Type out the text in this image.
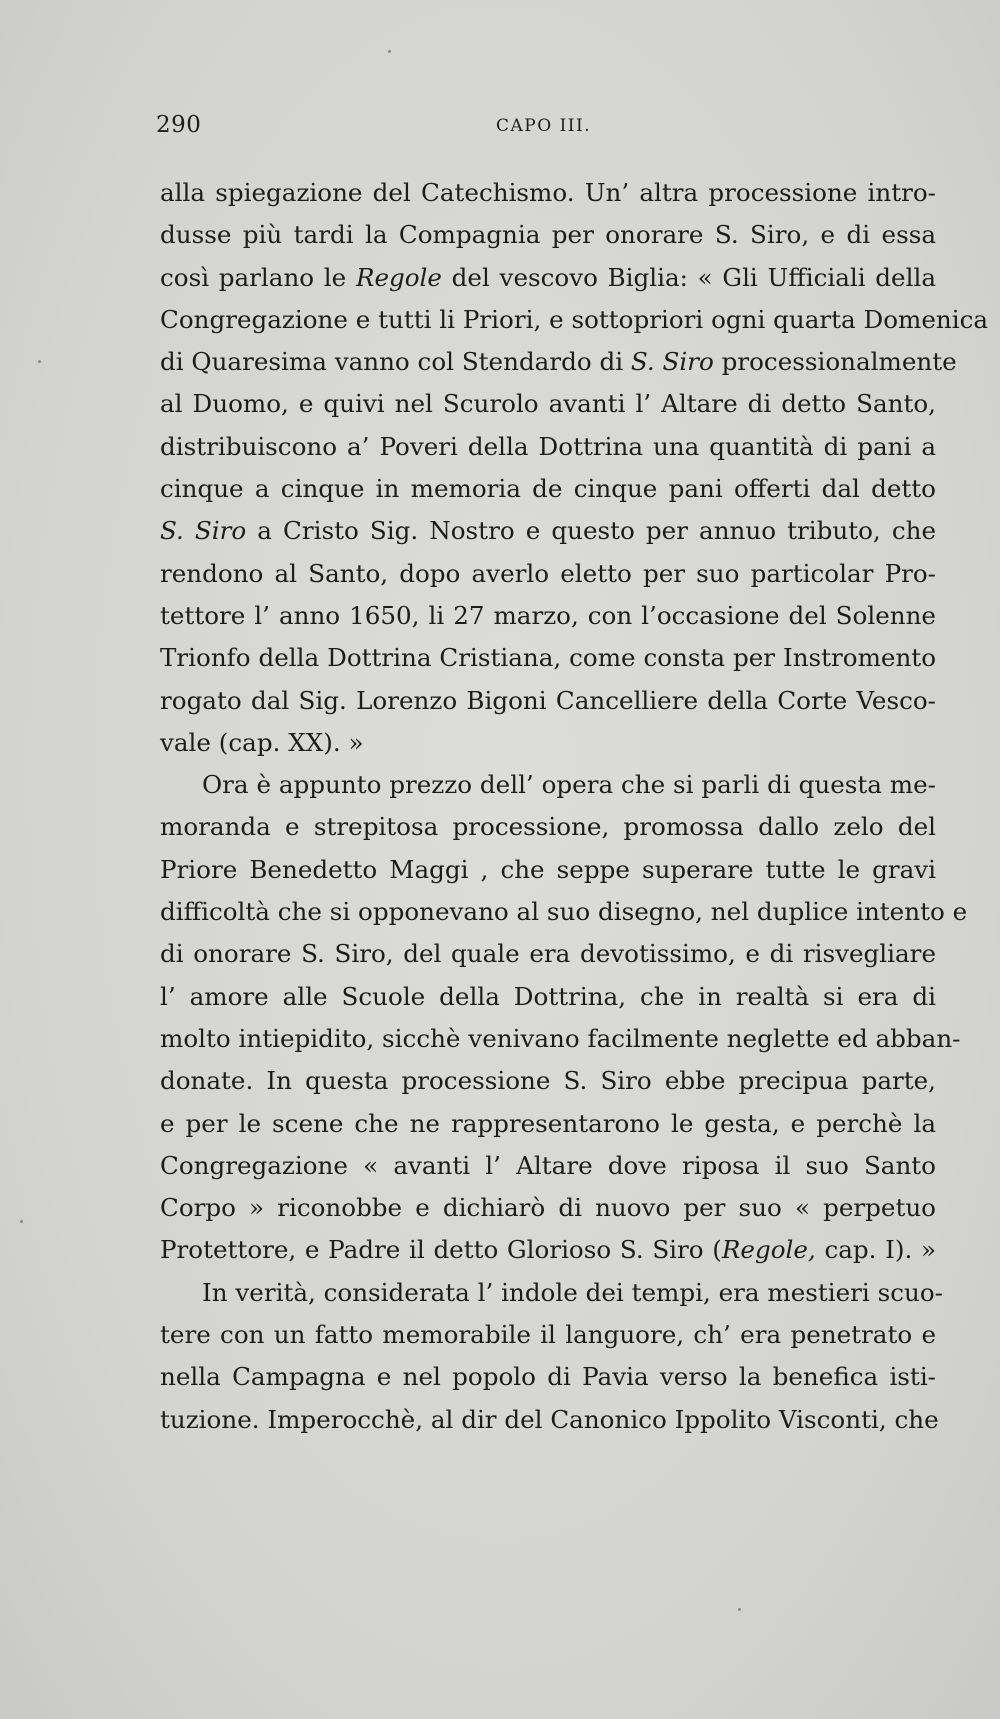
290	CAPO III.
alla spiegazione del Catechismo. Un’ altra processione intro-
dusse più tardi la Compagnia per onorare S. Siro, e di essa
così parlano le Regole del vescovo Biglia: « Gli Ufficiali della
Congregazione e tutti li Priori, e sottopriori ogni quarta Domenica
di Quaresima vanno col Stendardo di S. Siro processionalmente
al Duomo, e quivi nel Scurolo avanti l’ Altare di detto Santo,
distribuiscono a’ Poveri della Dottrina una quantità di pani a
cinque a cinque in memoria de cinque pani offerti dal detto
S. Siro a Cristo Sig. Nostro e questo per annuo tributo, che
rendono al Santo, dopo averlo eletto per suo particolar Pro-
tettore l’ anno 1650, li 27 marzo, con l’occasione del Solenne
Trionfo della Dottrina Cristiana, come consta per Instromento
rogato dal Sig. Lorenzo Bigoni Cancelliere della Corte Vesco-
vale (cap. XX). »
Ora è appunto prezzo dell’ opera che si parli di questa me-
moranda e strepitosa processione, promossa dallo zelo del
Priore Benedetto Maggi , che seppe superare tutte le gravi
difficoltà che si opponevano al suo disegno, nel duplice intento e
di onorare S. Siro, del quale era devotissimo, e di risvegliare
l’ amore alle Scuole della Dottrina, che in realtà si era di
molto intiepidito, sicchè venivano facilmente neglette ed abban-
donate. In questa processione S. Siro ebbe precipua parte,
e per le scene che ne rappresentarono le gesta, e perchè la
Congregazione « avanti l’ Altare dove riposa il suo Santo
Corpo » riconobbe e dichiarò di nuovo per suo « perpetuo
Protettore, e Padre il detto Glorioso S. Siro (Regole, cap. I). »
In verità, considerata l’ indole dei tempi, era mestieri scuo-
tere con un fatto memorabile il languore, ch’ era penetrato e
nella Campagna e nel popolo di Pavia verso la benefica isti-
tuzione. Imperocchè, al dir del Canonico Ippolito Visconti, che
